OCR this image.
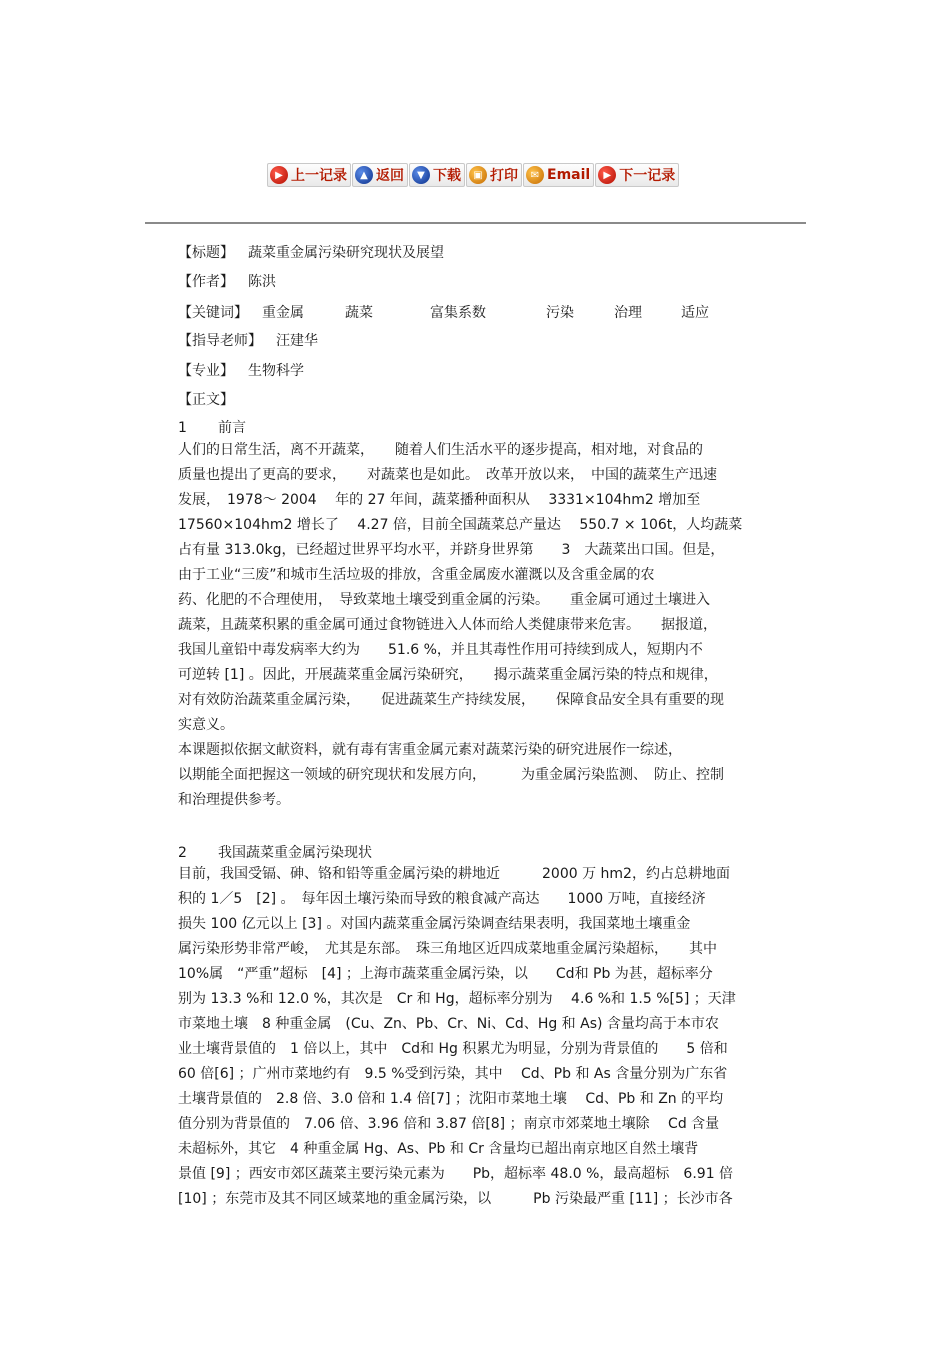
▶ 上一记录	▲ 返回	▼ 下载	▣ 打印	✉ Email	▶ 下一记录
【标题】 蔬菜重金属污染研究现状及展望
【作者】 陈洪
【关键词】 重金属	蔬菜	富集系数	污染	治理	适应
【指导老师】 汪建华
【专业】 生物科学
【正文】
1 前言
人们的日常生活，离不开蔬菜，　　随着人们生活水平的逐步提高，相对地，对食品的
质量也提出了更高的要求，　　对蔬菜也是如此。　改革开放以来，　中国的蔬菜生产迅速
发展，　1978～ 2004　 年的 27 年间，蔬菜播种面积从　 3331×104hm2 增加至
17560×104hm2 增长了　 4.27 倍，目前全国蔬菜总产量达　 550.7 × 106t，人均蔬菜
占有量 313.0kg，已经超过世界平均水平，并跻身世界第　　3　大蔬菜出口国。但是，
由于工业“三废”和城市生活垃圾的排放，含重金属废水灌溉以及含重金属的农
药、化肥的不合理使用，　导致菜地土壤受到重金属的污染。　　重金属可通过土壤进入
蔬菜，且蔬菜积累的重金属可通过食物链进入人体而给人类健康带来危害。　　据报道，
我国儿童铅中毒发病率大约为　　51.6 %，并且其毒性作用可持续到成人，短期内不
可逆转 [1] 。因此，开展蔬菜重金属污染研究，　　揭示蔬菜重金属污染的特点和规律，
对有效防治蔬菜重金属污染，　　促进蔬菜生产持续发展，　　保障食品安全具有重要的现
实意义。
本课题拟依据文献资料，就有毒有害重金属元素对蔬菜污染的研究进展作一综述，
以期能全面把握这一领域的研究现状和发展方向，　　　为重金属污染监测、　防止、控制
和治理提供参考。
2 我国蔬菜重金属污染现状
目前，我国受镉、砷、铬和铅等重金属污染的耕地近　　　2000 万 hm2，约占总耕地面
积的 1／5　[2] 。　每年因土壤污染而导致的粮食减产高达　　1000 万吨，直接经济
损失 100 亿元以上 [3] 。对国内蔬菜重金属污染调查结果表明，我国菜地土壤重金
属污染形势非常严峻，　尤其是东部。　珠三角地区近四成菜地重金属污染超标，　　其中
10%属　“严重”超标　[4] ；上海市蔬菜重金属污染，以　　Cd和 Pb 为甚，超标率分
别为 13.3 %和 12.0 %，其次是　Cr 和 Hg，超标率分别为　 4.6 %和 1.5 %[5] ；天津
市菜地土壤　8 种重金属　(Cu、Zn、Pb、Cr、Ni、Cd、Hg 和 As) 含量均高于本市农
业土壤背景值的　1 倍以上，其中　Cd和 Hg 积累尤为明显，分别为背景值的　　5 倍和
60 倍[6] ；广州市菜地约有　9.5 %受到污染，其中　 Cd、Pb 和 As 含量分别为广东省
土壤背景值的　2.8 倍、3.0 倍和 1.4 倍[7] ；沈阳市菜地土壤　 Cd、Pb 和 Zn 的平均
值分别为背景值的　7.06 倍、3.96 倍和 3.87 倍[8] ；南京市郊菜地土壤除　 Cd 含量
未超标外，其它　4 种重金属 Hg、As、Pb 和 Cr 含量均已超出南京地区自然土壤背
景值 [9] ；西安市郊区蔬菜主要污染元素为　　Pb，超标率 48.0 %，最高超标　6.91 倍
[10] ；东莞市及其不同区域菜地的重金属污染，以　　　Pb 污染最严重 [11] ；长沙市各
